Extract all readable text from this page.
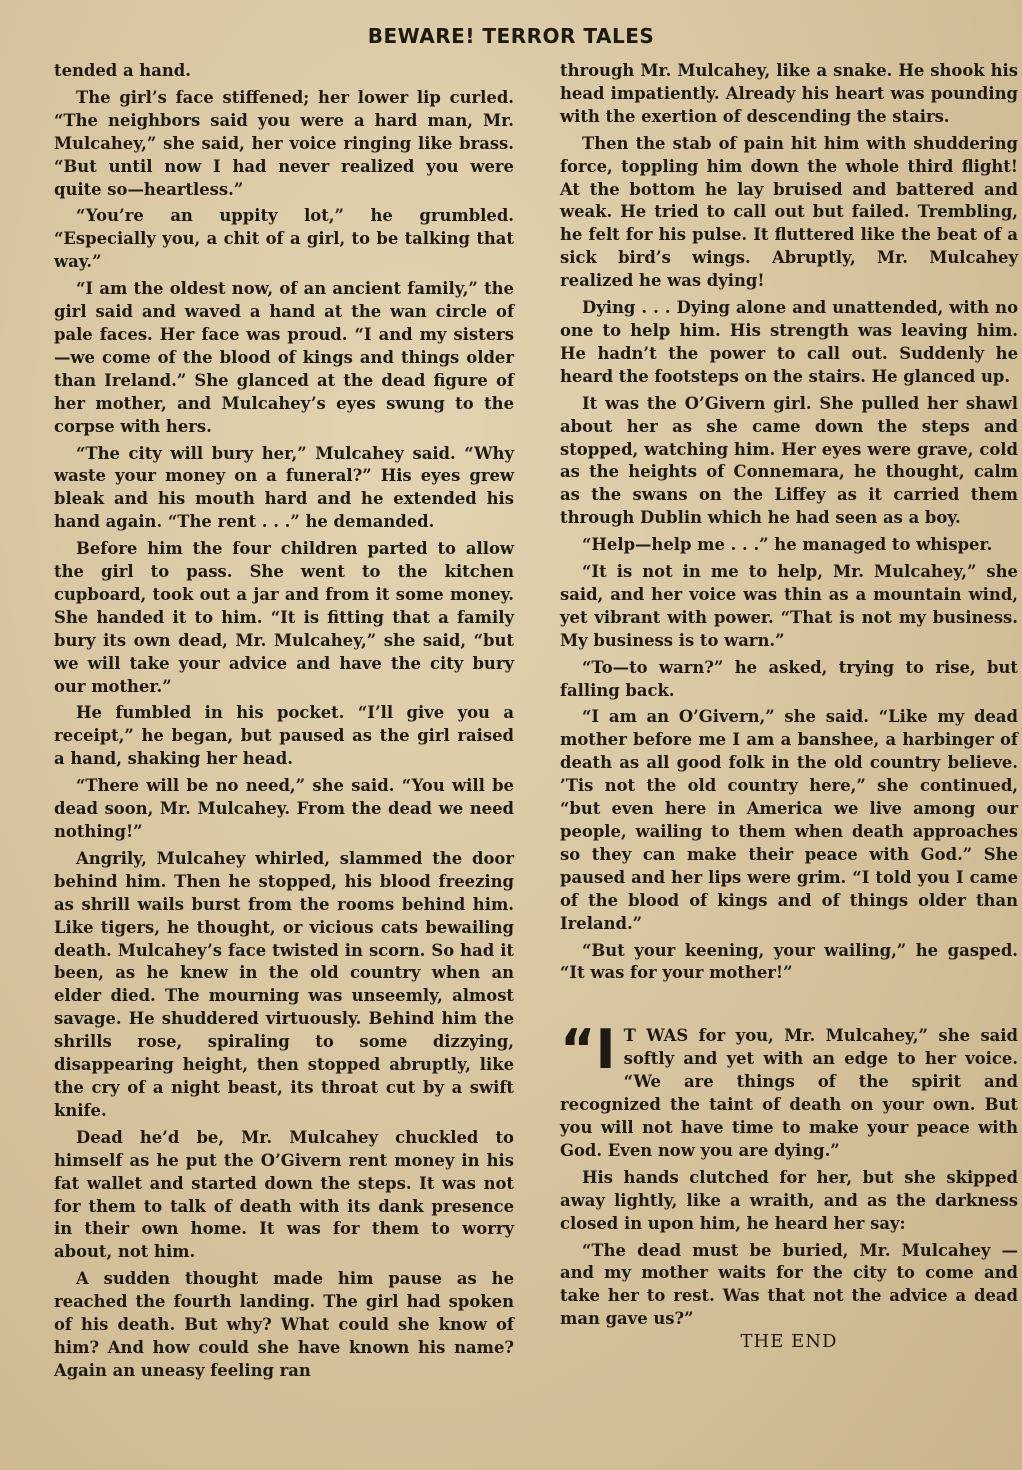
BEWARE! TERROR TALES

tended a hand.

The girl’s face stiffened; her lower lip curled. “The neighbors said you were a hard man, Mr. Mulcahey,” she said, her voice ringing like brass. “But until now I had never realized you were quite so—heartless.”

“You’re an uppity lot,” he grumbled. “Especially you, a chit of a girl, to be talking that way.”

“I am the oldest now, of an ancient family,” the girl said and waved a hand at the wan circle of pale faces. Her face was proud. “I and my sisters—we come of the blood of kings and things older than Ireland.” She glanced at the dead figure of her mother, and Mulcahey’s eyes swung to the corpse with hers.

“The city will bury her,” Mulcahey said. “Why waste your money on a funeral?” His eyes grew bleak and his mouth hard and he extended his hand again. “The rent . . .” he demanded.

Before him the four children parted to allow the girl to pass. She went to the kitchen cupboard, took out a jar and from it some money. She handed it to him. “It is fitting that a family bury its own dead, Mr. Mulcahey,” she said, “but we will take your advice and have the city bury our mother.”

He fumbled in his pocket. “I’ll give you a receipt,” he began, but paused as the girl raised a hand, shaking her head.

“There will be no need,” she said. “You will be dead soon, Mr. Mulcahey. From the dead we need nothing!”

Angrily, Mulcahey whirled, slammed the door behind him. Then he stopped, his blood freezing as shrill wails burst from the rooms behind him. Like tigers, he thought, or vicious cats bewailing death. Mulcahey’s face twisted in scorn. So had it been, as he knew in the old country when an elder died. The mourning was unseemly, almost savage. He shuddered virtuously. Behind him the shrills rose, spiraling to some dizzying, disappearing height, then stopped abruptly, like the cry of a night beast, its throat cut by a swift knife.

Dead he’d be, Mr. Mulcahey chuckled to himself as he put the O’Givern rent money in his fat wallet and started down the steps. It was not for them to talk of death with its dank presence in their own home. It was for them to worry about, not him.

A sudden thought made him pause as he reached the fourth landing. The girl had spoken of his death. But why? What could she know of him? And how could she have known his name? Again an uneasy feeling ran

through Mr. Mulcahey, like a snake. He shook his head impatiently. Already his heart was pounding with the exertion of descending the stairs.

Then the stab of pain hit him with shuddering force, toppling him down the whole third flight! At the bottom he lay bruised and battered and weak. He tried to call out but failed. Trembling, he felt for his pulse. It fluttered like the beat of a sick bird’s wings. Abruptly, Mr. Mulcahey realized he was dying!

Dying . . . Dying alone and unattended, with no one to help him. His strength was leaving him. He hadn’t the power to call out. Suddenly he heard the footsteps on the stairs. He glanced up.

It was the O’Givern girl. She pulled her shawl about her as she came down the steps and stopped, watching him. Her eyes were grave, cold as the heights of Connemara, he thought, calm as the swans on the Liffey as it carried them through Dublin which he had seen as a boy.

“Help—help me . . .” he managed to whisper.

“It is not in me to help, Mr. Mulcahey,” she said, and her voice was thin as a mountain wind, yet vibrant with power. “That is not my business. My business is to warn.”

“To—to warn?” he asked, trying to rise, but falling back.

“I am an O’Givern,” she said. “Like my dead mother before me I am a banshee, a harbinger of death as all good folk in the old country believe. ’Tis not the old country here,” she continued, “but even here in America we live among our people, wailing to them when death approaches so they can make their peace with God.” She paused and her lips were grim. “I told you I came of the blood of kings and of things older than Ireland.”

“But your keening, your wailing,” he gasped. “It was for your mother!”

“I T WAS for you, Mr. Mulcahey,” she said softly and yet with an edge to her voice. “We are things of the spirit and recognized the taint of death on your own. But you will not have time to make your peace with God. Even now you are dying.”

His hands clutched for her, but she skipped away lightly, like a wraith, and as the darkness closed in upon him, he heard her say:

“The dead must be buried, Mr. Mulcahey — and my mother waits for the city to come and take her to rest. Was that not the advice a dead man gave us?”

THE END
